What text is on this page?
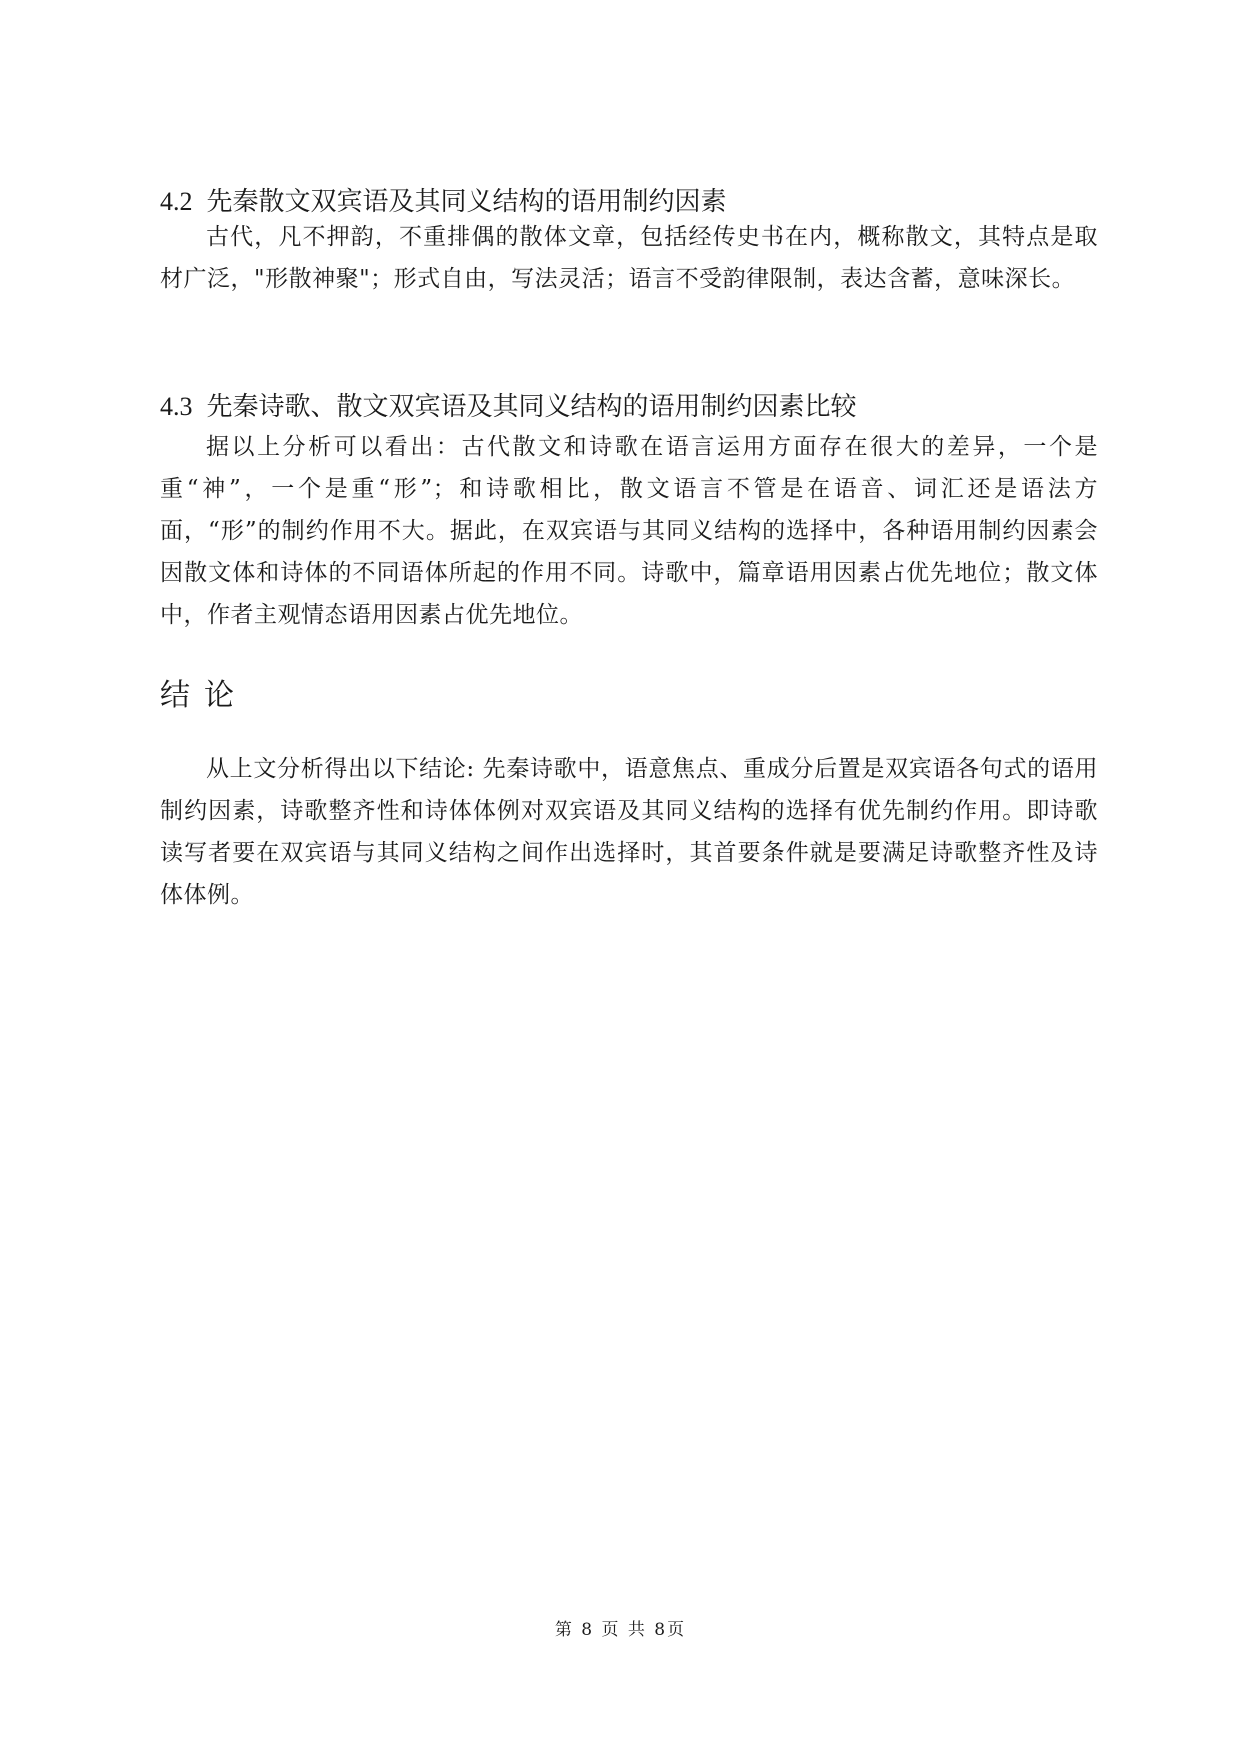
4.2 先秦散文双宾语及其同义结构的语用制约因素

古代，凡不押韵，不重排偶的散体文章，包括经传史书在内，概称散文，其特点是取材广泛，"形散神聚"；形式自由，写法灵活；语言不受韵律限制，表达含蓄，意味深长。

4.3 先秦诗歌、散文双宾语及其同义结构的语用制约因素比较

据以上分析可以看出：古代散文和诗歌在语言运用方面存在很大的差异，一个是重“神”，一个是重“形”；和诗歌相比，散文语言不管是在语音、词汇还是语法方面，“形”的制约作用不大。据此，在双宾语与其同义结构的选择中，各种语用制约因素会因散文体和诗体的不同语体所起的作用不同。诗歌中，篇章语用因素占优先地位；散文体中，作者主观情态语用因素占优先地位。

结论

从上文分析得出以下结论: 先秦诗歌中，语意焦点、重成分后置是双宾语各句式的语用制约因素，诗歌整齐性和诗体体例对双宾语及其同义结构的选择有优先制约作用。即诗歌读写者要在双宾语与其同义结构之间作出选择时，其首要条件就是要满足诗歌整齐性及诗体体例。

第 8 页 共 8页
